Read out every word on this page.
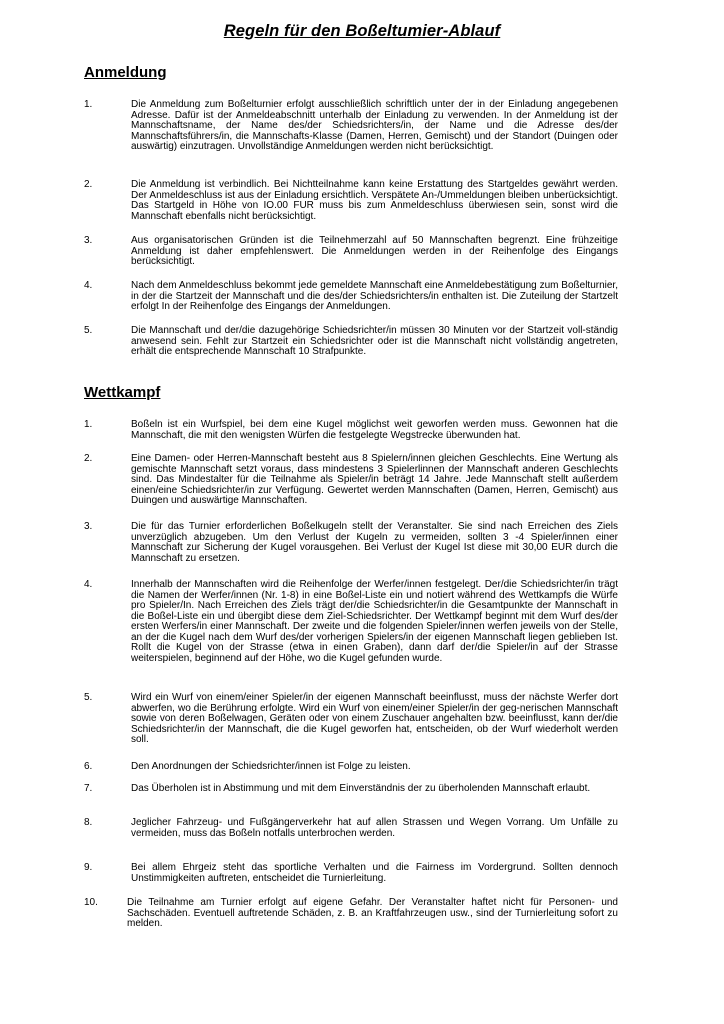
Regeln für den Boßeltumier-Ablauf
Anmeldung
1.	Die Anmeldung zum Boßelturnier erfolgt ausschließlich schriftlich unter der in der Einladung angegebenen Adresse. Dafür ist der Anmeldeabschnitt unterhalb der Einladung zu verwenden. In der Anmeldung ist der Mannschaftsname, der Name des/der Schiedsrichters/in, der Name und die Adresse des/der Mannschaftsführers/in, die Mannschafts-Klasse (Damen, Herren, Gemischt) und der Standort (Duingen oder auswärtig) einzutragen. Unvollständige Anmeldungen werden nicht berücksichtigt.
2.	Die Anmeldung ist verbindlich. Bei Nichtteilnahme kann keine Erstattung des Startgeldes gewährt werden. Der Anmeldeschluss ist aus der Einladung ersichtlich. Verspätete An-/Ummeldungen bleiben unberücksichtigt. Das Startgeld in Höhe von IO.00 FUR muss bis zum Anmeldeschluss überwiesen sein, sonst wird die Mannschaft ebenfalls nicht berücksichtigt.
3.	Aus organisatorischen Gründen ist die Teilnehmerzahl auf 50 Mannschaften begrenzt. Eine frühzeitige Anmeldung ist daher empfehlenswert. Die Anmeldungen werden in der Reihenfolge des Eingangs berücksichtigt.
4.	Nach dem Anmeldeschluss bekommt jede gemeldete Mannschaft eine Anmeldebestätigung zum Boßelturnier, in der die Startzeit der Mannschaft und die des/der Schiedsrichters/in enthalten ist. Die Zuteilung der Startzelt erfolgt In der Reihenfolge des Eingangs der Anmeldungen.
5.	Die Mannschaft und der/die dazugehörige Schiedsrichter/in müssen 30 Minuten vor der Startzeit voll-ständig anwesend sein. Fehlt zur Startzeit ein Schiedsrichter oder ist die Mannschaft nicht vollständig angetreten, erhält die entsprechende Mannschaft 10 Strafpunkte.
Wettkampf
1.	Boßeln ist ein Wurfspiel, bei dem eine Kugel möglichst weit geworfen werden muss. Gewonnen hat die Mannschaft, die mit den wenigsten Würfen die festgelegte Wegstrecke überwunden hat.
2.	Eine Damen- oder Herren-Mannschaft besteht aus 8 Spielern/innen gleichen Geschlechts. Eine Wertung als gemischte Mannschaft setzt voraus, dass mindestens 3 Spielerlinnen der Mannschaft anderen Geschlechts sind. Das Mindestalter für die Teilnahme als Spieler/in beträgt 14 Jahre. Jede Mannschaft stellt außerdem einen/eine Schiedsrichter/in zur Verfügung. Gewertet werden Mannschaften (Damen, Herren, Gemischt) aus Duingen und auswärtige Mannschaften.
3.	Die für das Turnier erforderlichen Boßelkugeln stellt der Veranstalter. Sie sind nach Erreichen des Ziels unverzüglich abzugeben. Um den Verlust der Kugeln zu vermeiden, sollten 3 -4 Spieler/innen einer Mannschaft zur Sicherung der Kugel vorausgehen. Bei Verlust der Kugel Ist diese mit 30,00 EUR durch die Mannschaft zu ersetzen.
4.	Innerhalb der Mannschaften wird die Reihenfolge der Werfer/innen festgelegt. Der/die Schiedsrichter/in trägt die Namen der Werfer/innen (Nr. 1-8) in eine Boßel-Liste ein und notiert während des Wettkampfs die Würfe pro Spieler/In. Nach Erreichen des Ziels trägt der/die Schiedsrichter/in die Gesamtpunkte der Mannschaft in die Boßel-Liste ein und übergibt diese dem Ziel-Schiedsrichter. Der Wettkampf beginnt mit dem Wurf des/der ersten Werfers/in einer Mannschaft. Der zweite und die folgenden Spieler/innen werfen jeweils von der Stelle, an der die Kugel nach dem Wurf des/der vorherigen Spielers/in der eigenen Mannschaft liegen geblieben Ist. Rollt die Kugel von der Strasse (etwa in einen Graben), dann darf der/die Spieler/in auf der Strasse weiterspielen, beginnend auf der Höhe, wo die Kugel gefunden wurde.
5.	Wird ein Wurf von einem/einer Spieler/in der eigenen Mannschaft beeinflusst, muss der nächste Werfer dort abwerfen, wo die Berührung erfolgte. Wird ein Wurf von einem/einer Spieler/in der geg-nerischen Mannschaft sowie von deren Boßelwagen, Geräten oder von einem Zuschauer angehalten bzw. beeinflusst, kann der/die Schiedsrichter/in der Mannschaft, die die Kugel geworfen hat, entscheiden, ob der Wurf wiederholt werden soll.
6.	Den Anordnungen der Schiedsrichter/innen ist Folge zu leisten.
7.	Das Überholen ist in Abstimmung und mit dem Einverständnis der zu überholenden Mannschaft erlaubt.
8.	Jeglicher Fahrzeug- und Fußgängerverkehr hat auf allen Strassen und Wegen Vorrang. Um Unfälle zu vermeiden, muss das Boßeln notfalls unterbrochen werden.
9.	Bei allem Ehrgeiz steht das sportliche Verhalten und die Fairness im Vordergrund. Sollten dennoch Unstimmigkeiten auftreten, entscheidet die Turnierleitung.
10.	Die Teilnahme am Turnier erfolgt auf eigene Gefahr. Der Veranstalter haftet nicht für Personen- und Sachschäden. Eventuell auftretende Schäden, z. B. an Kraftfahrzeugen usw., sind der Turnierleitung sofort zu melden.
